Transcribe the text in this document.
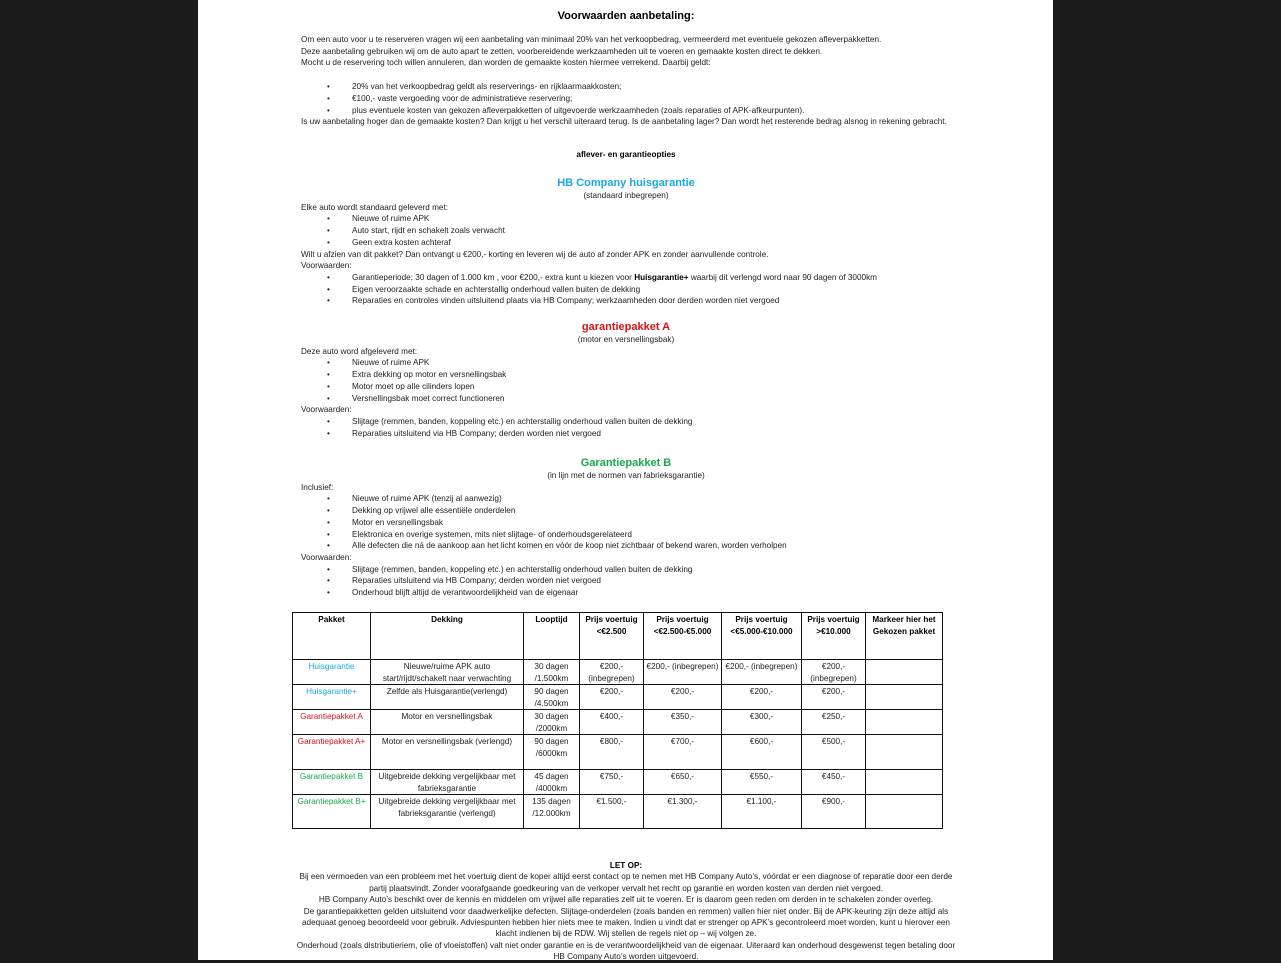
Voorwaarden aanbetaling:
Om een auto voor u te reserveren vragen wij een aanbetaling van minimaal 20% van het verkoopbedrag, vermeerderd met eventuele gekozen afleverpakketten.
Deze aanbetaling gebruiken wij om de auto apart te zetten, voorbereidende werkzaamheden uit te voeren en gemaakte kosten direct te dekken.
Mocht u de reservering toch willen annuleren, dan worden de gemaakte kosten hiermee verrekend. Daarbij geldt:
• 20% van het verkoopbedrag geldt als reserverings- en rijklaarmaakkosten;
• €100,- vaste vergoeding voor de administratieve reservering;
• plus eventuele kosten van gekozen afleverpakketten of uitgevoerde werkzaamheden (zoals reparaties of APK-afkeurpunten).
Is uw aanbetaling hoger dan de gemaakte kosten? Dan krijgt u het verschil uiteraard terug. Is de aanbetaling lager? Dan wordt het resterende bedrag alsnog in rekening gebracht.
aflever- en garantieopties
HB Company huisgarantie
(standaard inbegrepen)
Elke auto wordt standaard geleverd met:
• Nieuwe of ruime APK
• Auto start, rijdt en schakelt zoals verwacht
• Geen extra kosten achteraf
Wilt u afzien van dit pakket? Dan ontvangt u €200,- korting en leveren wij de auto af zonder APK en zonder aanvullende controle.
Voorwaarden:
• Garantieperiode: 30 dagen of 1.000 km , voor €200,- extra kunt u kiezen voor Huisgarantie+ waarbij dit verlengd word naar 90 dagen of 3000km
• Eigen veroorzaakte schade en achterstallig onderhoud vallen buiten de dekking
• Reparaties en controles vinden uitsluitend plaats via HB Company; werkzaamheden door derden worden niet vergoed
garantiepakket A
(motor en versnellingsbak)
Deze auto word afgeleverd met:
• Nieuwe of ruime APK
• Extra dekking op motor en versnellingsbak
• Motor moet op alle cilinders lopen
• Versnellingsbak moet correct functioneren
Voorwaarden:
• Slijtage (remmen, banden, koppeling etc.) en achterstallig onderhoud vallen buiten de dekking
• Reparaties uitsluitend via HB Company; derden worden niet vergoed
Garantiepakket B
(in lijn met de normen van fabrieksgarantie)
Inclusief:
• Nieuwe of ruime APK (tenzij al aanwezig)
• Dekking op vrijwel alle essentiële onderdelen
• Motor en versnellingsbak
• Elektronica en overige systemen, mits niet slijtage- of onderhoudsgerelateerd
• Alle defecten die ná de aankoop aan het licht komen en vóór de koop niet zichtbaar of bekend waren, worden verholpen
Voorwaarden:
• Slijtage (remmen, banden, koppeling etc.) en achterstallig onderhoud vallen buiten de dekking
• Reparaties uitsluitend via HB Company; derden worden niet vergoed
• Onderhoud blijft altijd de verantwoordelijkheid van de eigenaar
Pakket	Dekking	Looptijd	Prijs voertuig <€2.500	Prijs voertuig <€2.500-€5.000	Prijs voertuig <€5.000-€10.000	Prijs voertuig >€10.000	Markeer hier het Gekozen pakket
Huisgarantie	Nieuwe/ruime APK auto start/rijdt/schakelt naar verwachting	30 dagen /1.500km	€200,- (inbegrepen)	€200,- (inbegrepen)	€200,- (inbegrepen)	€200,- (inbegrepen)	
Huisgarantie+	Zelfde als Huisgarantie(verlengd)	90 dagen /4.500km	€200,-	€200,-	€200,-	€200,-	
Garantiepakket A	Motor en versnellingsbak	30 dagen /2000km	€400,-	€350,-	€300,-	€250,-	
Garantiepakket A+	Motor en versnellingsbak (verlengd)	90 dagen /6000km	€800,-	€700,-	€600,-	€500,-	
Garantiepakket B	Uitgebreide dekking vergelijkbaar met fabrieksgarantie	45 dagen /4000km	€750,-	€650,-	€550,-	€450,-	
Garantiepakket B+	Uitgebreide dekking vergelijkbaar met fabrieksgarantie (verlengd)	135 dagen /12.000km	€1.500,-	€1.300,-	€1.100,-	€900,-	
LET OP:
Bij een vermoeden van een probleem met het voertuig dient de koper altijd eerst contact op te nemen met HB Company Auto’s, vóórdat er een diagnose of reparatie door een derde partij plaatsvindt. Zonder voorafgaande goedkeuring van de verkoper vervalt het recht op garantie en worden kosten van derden niet vergoed.
HB Company Auto’s beschikt over de kennis en middelen om vrijwel alle reparaties zelf uit te voeren. Er is daarom geen reden om derden in te schakelen zonder overleg.
De garantiepakketten gelden uitsluitend voor daadwerkelijke defecten. Slijtage-onderdelen (zoals banden en remmen) vallen hier niet onder. Bij de APK-keuring zijn deze altijd als adequaat genoeg beoordeeld voor gebruik. Adviespunten hebben hier niets mee te maken. Indien u vindt dat er strenger op APK’s gecontroleerd moet worden, kunt u hierover een klacht indienen bij de RDW. Wij stellen de regels niet op – wij volgen ze.
Onderhoud (zoals distributieriem, olie of vloeistoffen) valt niet onder garantie en is de verantwoordelijkheid van de eigenaar. Uiteraard kan onderhoud desgewenst tegen betaling door HB Company Auto’s worden uitgevoerd.
